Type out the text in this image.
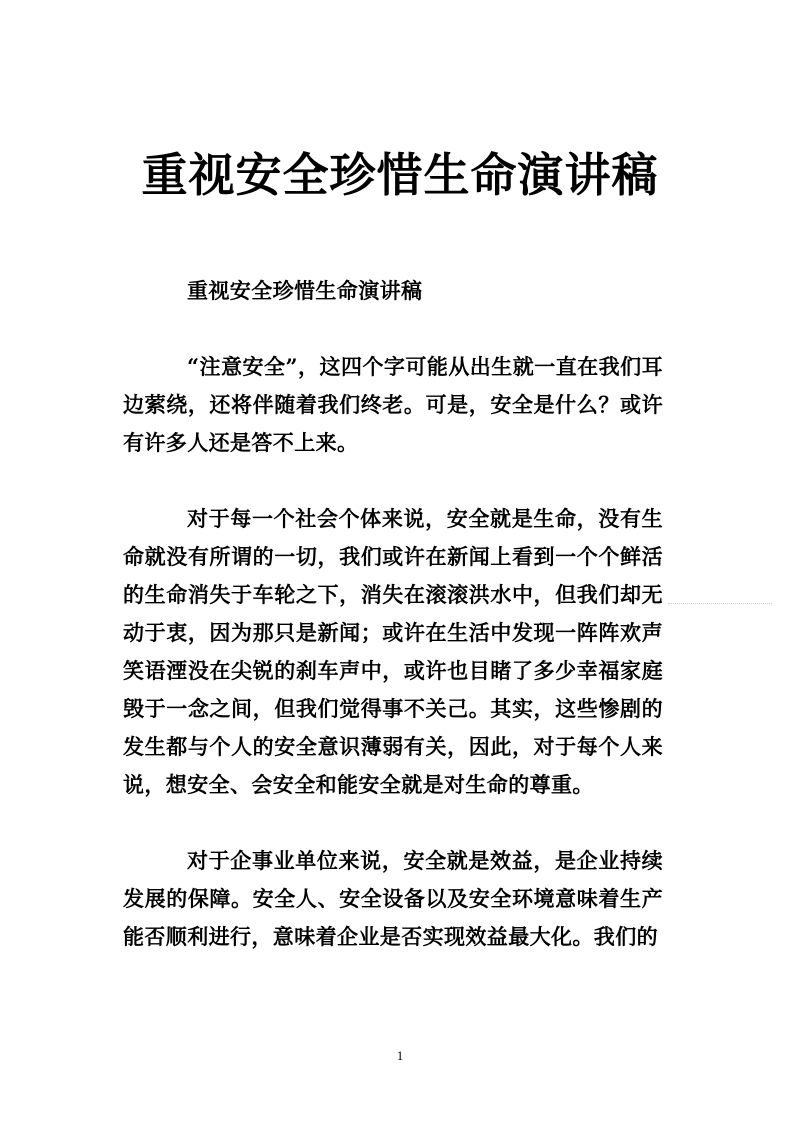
重视安全珍惜生命演讲稿

重视安全珍惜生命演讲稿

“注意安全”，这四个字可能从出生就一直在我们耳边萦绕，还将伴随着我们终老。可是，安全是什么？或许有许多人还是答不上来。

对于每一个社会个体来说，安全就是生命，没有生命就没有所谓的一切，我们或许在新闻上看到一个个鲜活的生命消失于车轮之下，消失在滚滚洪水中，但我们却无动于衷，因为那只是新闻；或许在生活中发现一阵阵欢声笑语湮没在尖锐的刹车声中，或许也目睹了多少幸福家庭毁于一念之间，但我们觉得事不关己。其实，这些惨剧的发生都与个人的安全意识薄弱有关，因此，对于每个人来说，想安全、会安全和能安全就是对生命的尊重。

对于企事业单位来说，安全就是效益，是企业持续发展的保障。安全人、安全设备以及安全环境意味着生产能否顺利进行，意味着企业是否实现效益最大化。我们的

1
